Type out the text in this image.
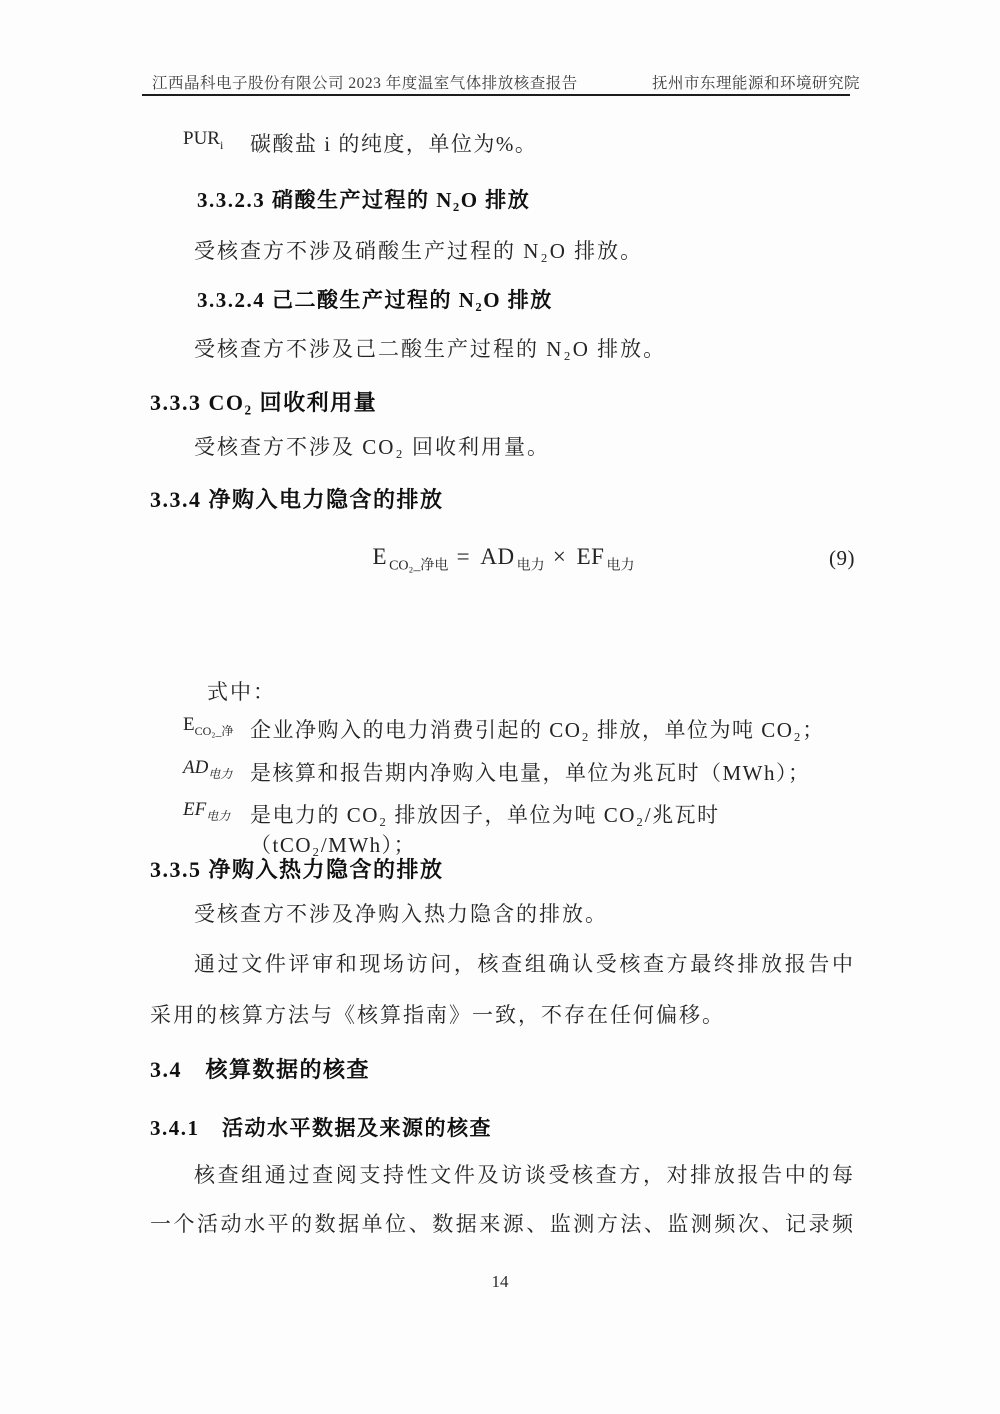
江西晶科电子股份有限公司 2023 年度温室气体排放核查报告	抚州市东理能源和环境研究院
$PUR_i$	碳酸盐 i 的纯度，单位为%。
3.3.2.3 硝酸生产过程的 N₂O 排放
受核查方不涉及硝酸生产过程的 N₂O 排放。
3.3.2.4 己二酸生产过程的 N₂O 排放
受核查方不涉及己二酸生产过程的 N₂O 排放。
3.3.3 CO₂ 回收利用量
受核查方不涉及 CO₂ 回收利用量。
3.3.4 净购入电力隐含的排放
E $_{CO_2\_净电}$ = AD $_{电力}$ × EF $_{电力}$	(9)
式中：
$E_{CO_2\_净}$ 企业净购入的电力消费引起的 CO₂ 排放，单位为吨 CO₂；
$AD_{电力}$ 是核算和报告期内净购入电量，单位为兆瓦时（MWh）；
$EF_{电力}$ 是电力的 CO₂ 排放因子，单位为吨 CO₂/兆瓦时（tCO₂/MWh）；
3.3.5 净购入热力隐含的排放
受核查方不涉及净购入热力隐含的排放。
通过文件评审和现场访问，核查组确认受核查方最终排放报告中
采用的核算方法与《核算指南》一致，不存在任何偏移。
3.4　核算数据的核查
3.4.1　活动水平数据及来源的核查
核查组通过查阅支持性文件及访谈受核查方，对排放报告中的每
一个活动水平的数据单位、数据来源、监测方法、监测频次、记录频
14
